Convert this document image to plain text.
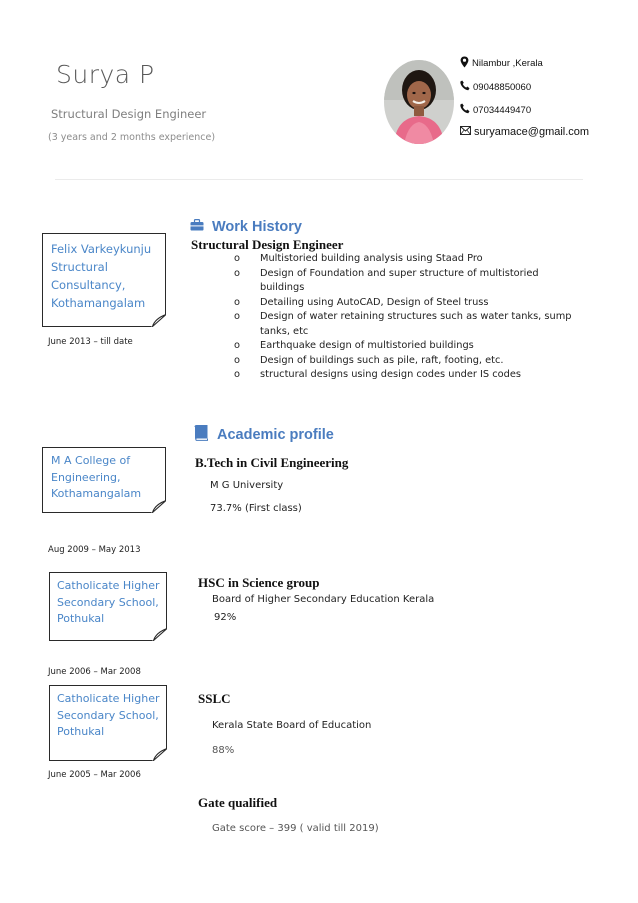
Surya P
Structural Design Engineer
(3 years and 2 months experience)
Nilambur ,Kerala
09048850060
07034449470
suryamace@gmail.com
Work History
Felix Varkeykunju
Structural
Consultancy,
Kothamangalam
June 2013 – till date
Structural Design Engineer
o Multistoried building analysis using Staad Pro
o Design of Foundation and super structure of multistoried buildings
o Detailing using AutoCAD, Design of Steel truss
o Design of water retaining structures such as water tanks, sump tanks, etc
o Earthquake design of multistoried buildings
o Design of buildings such as pile, raft, footing, etc.
o structural designs using design codes under IS codes
Academic profile
M A College of
Engineering,
Kothamangalam
Aug 2009 – May 2013
B.Tech in Civil Engineering
M G University
73.7% (First class)
Catholicate Higher
Secondary School,
Pothukal
June 2006 – Mar 2008
HSC in Science group
Board of Higher Secondary Education Kerala
92%
Catholicate Higher
Secondary School,
Pothukal
June 2005 – Mar 2006
SSLC
Kerala State Board of Education
88%
Gate qualified
Gate score – 399 ( valid till 2019)
